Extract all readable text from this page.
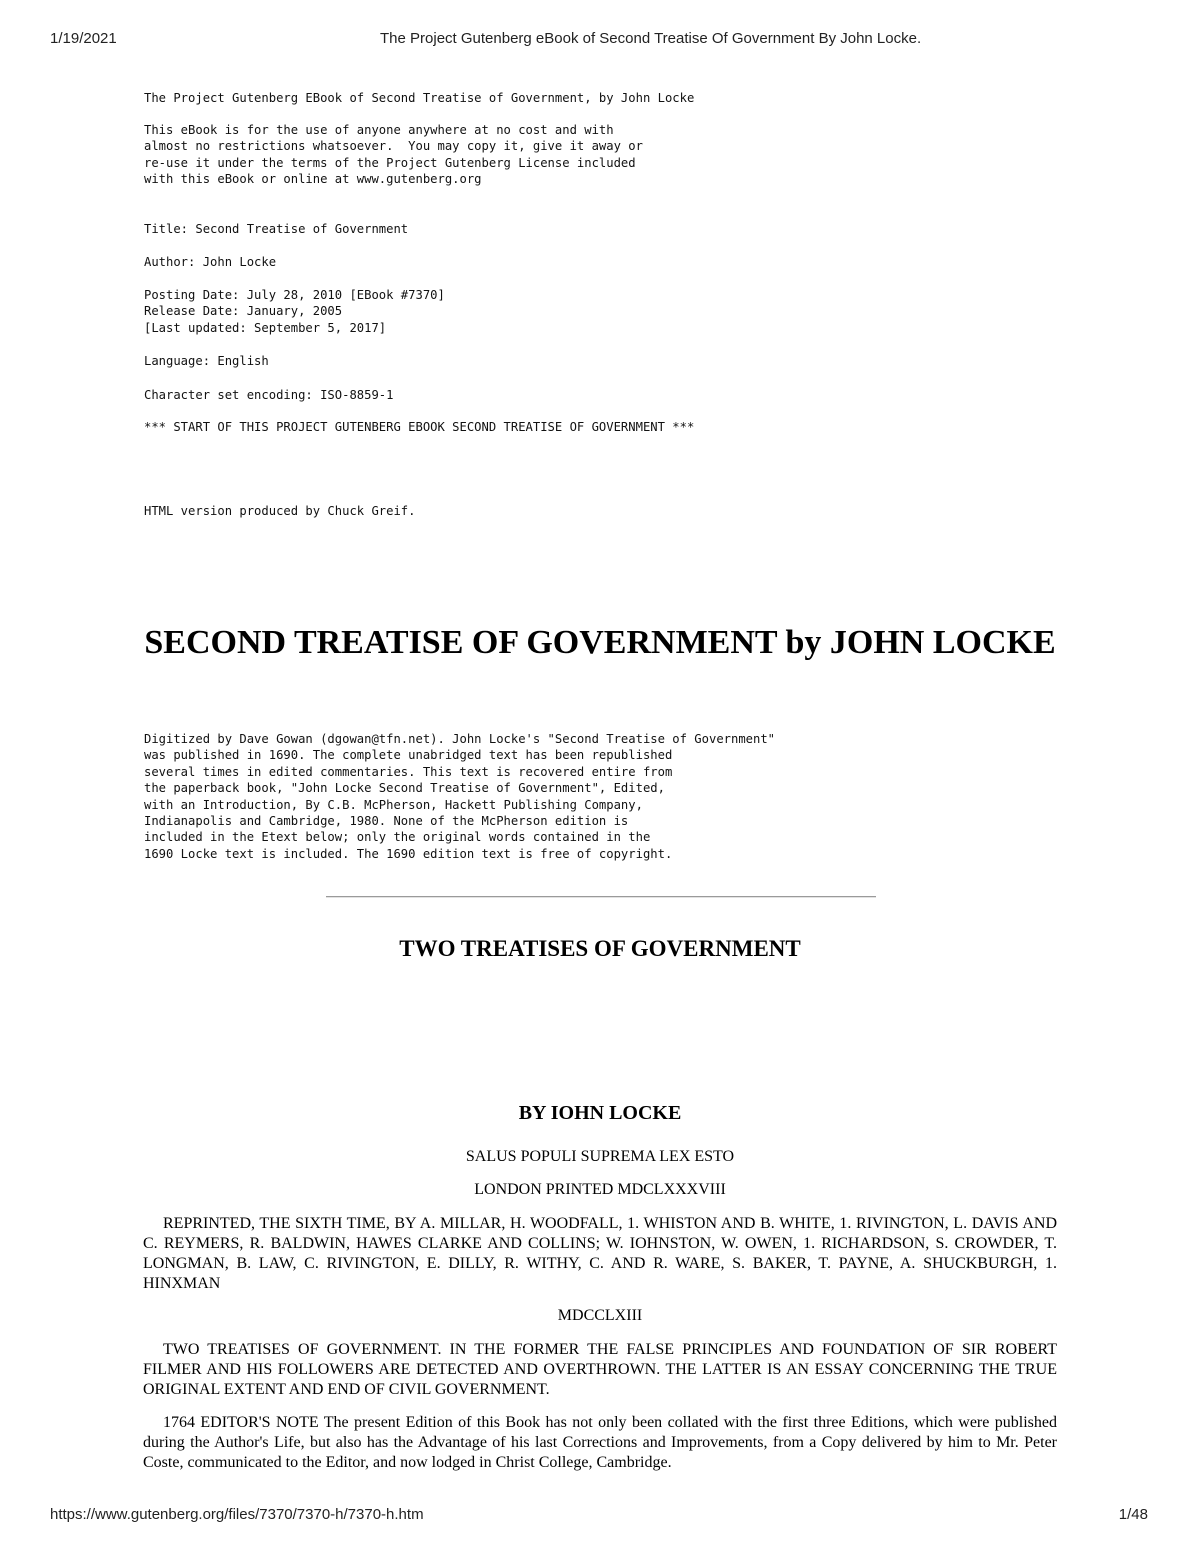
1/19/2021	The Project Gutenberg eBook of Second Treatise Of Government By John Locke.
The Project Gutenberg EBook of Second Treatise of Government, by John Locke
This eBook is for the use of anyone anywhere at no cost and with
almost no restrictions whatsoever.  You may copy it, give it away or
re-use it under the terms of the Project Gutenberg License included
with this eBook or online at www.gutenberg.org
Title: Second Treatise of Government
Author: John Locke
Posting Date: July 28, 2010 [EBook #7370]
Release Date: January, 2005
[Last updated: September 5, 2017]
Language: English
Character set encoding: ISO-8859-1
*** START OF THIS PROJECT GUTENBERG EBOOK SECOND TREATISE OF GOVERNMENT ***
HTML version produced by Chuck Greif.
SECOND TREATISE OF GOVERNMENT by JOHN LOCKE
Digitized by Dave Gowan (dgowan@tfn.net). John Locke's "Second Treatise of Government"
was published in 1690. The complete unabridged text has been republished
several times in edited commentaries. This text is recovered entire from
the paperback book, "John Locke Second Treatise of Government", Edited,
with an Introduction, By C.B. McPherson, Hackett Publishing Company,
Indianapolis and Cambridge, 1980. None of the McPherson edition is
included in the Etext below; only the original words contained in the
1690 Locke text is included. The 1690 edition text is free of copyright.
TWO TREATISES OF GOVERNMENT
BY IOHN LOCKE

SALUS POPULI SUPREMA LEX ESTO

LONDON PRINTED MDCLXXXVIII

REPRINTED, THE SIXTH TIME, BY A. MILLAR, H. WOODFALL, 1. WHISTON AND B. WHITE, 1. RIVINGTON, L. DAVIS AND C. REYMERS, R. BALDWIN, HAWES CLARKE AND COLLINS; W. IOHNSTON, W. OWEN, 1. RICHARDSON, S. CROWDER, T. LONGMAN, B. LAW, C. RIVINGTON, E. DILLY, R. WITHY, C. AND R. WARE, S. BAKER, T. PAYNE, A. SHUCKBURGH, 1. HINXMAN

MDCCLXIII

TWO TREATISES OF GOVERNMENT. IN THE FORMER THE FALSE PRINCIPLES AND FOUNDATION OF SIR ROBERT FILMER AND HIS FOLLOWERS ARE DETECTED AND OVERTHROWN. THE LATTER IS AN ESSAY CONCERNING THE TRUE ORIGINAL EXTENT AND END OF CIVIL GOVERNMENT.

1764 EDITOR'S NOTE The present Edition of this Book has not only been collated with the first three Editions, which were published during the Author's Life, but also has the Advantage of his last Corrections and Improvements, from a Copy delivered by him to Mr. Peter Coste, communicated to the Editor, and now lodged in Christ College, Cambridge.

https://www.gutenberg.org/files/7370/7370-h/7370-h.htm	1/48
